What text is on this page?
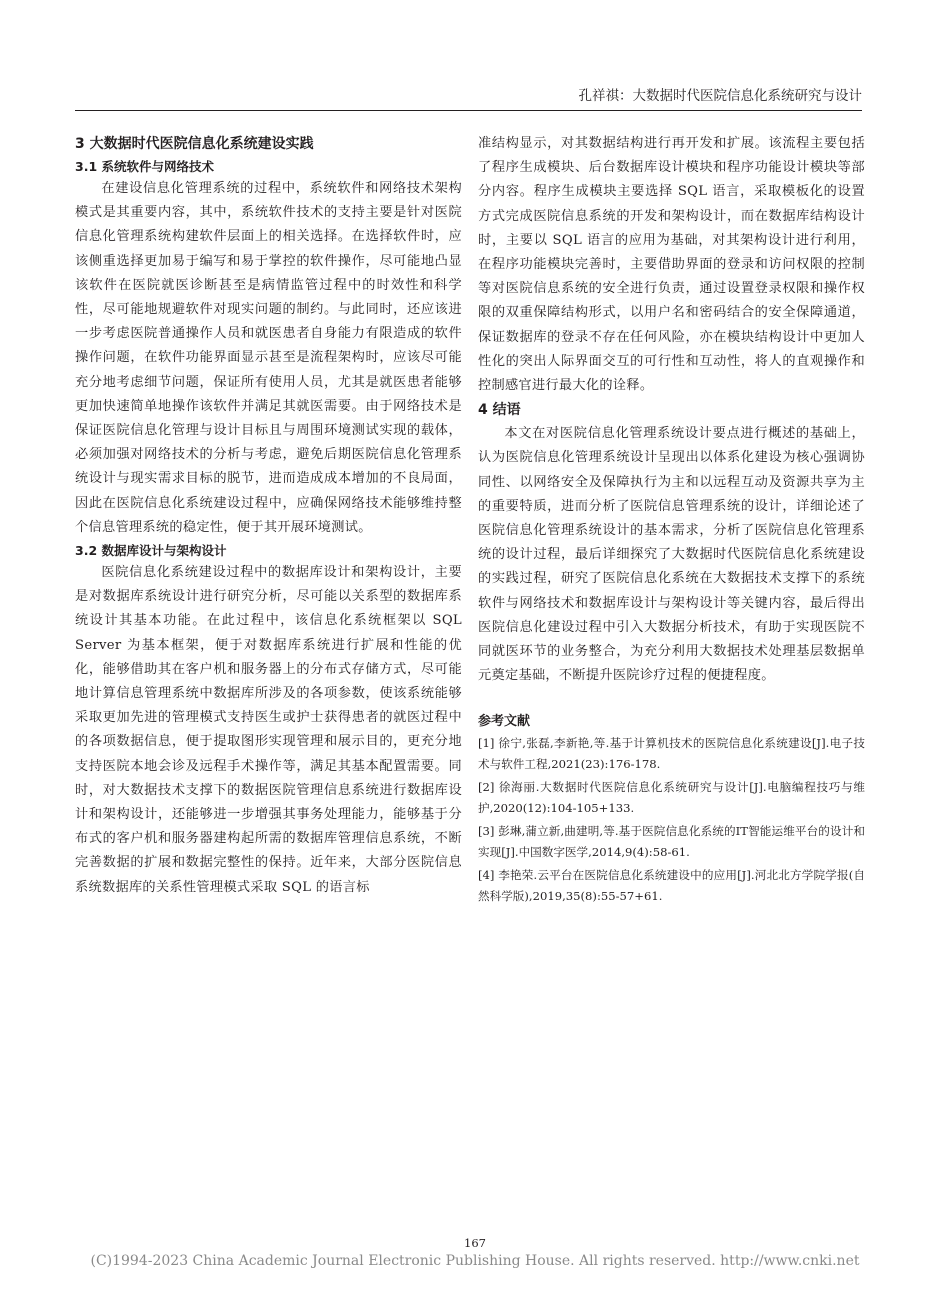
孔祥祺：大数据时代医院信息化系统研究与设计
3 大数据时代医院信息化系统建设实践
3.1 系统软件与网络技术

在建设信息化管理系统的过程中，系统软件和网络技术架构模式是其重要内容，其中，系统软件技术的支持主要是针对医院信息化管理系统构建软件层面上的相关选择。在选择软件时，应该侧重选择更加易于编写和易于掌控的软件操作，尽可能地凸显该软件在医院就医诊断甚至是病情监管过程中的时效性和科学性，尽可能地规避软件对现实问题的制约。与此同时，还应该进一步考虑医院普通操作人员和就医患者自身能力有限造成的软件操作问题，在软件功能界面显示甚至是流程架构时，应该尽可能充分地考虑细节问题，保证所有使用人员，尤其是就医患者能够更加快速简单地操作该软件并满足其就医需要。由于网络技术是保证医院信息化管理与设计目标且与周围环境测试实现的载体，必须加强对网络技术的分析与考虑，避免后期医院信息化管理系统设计与现实需求目标的脱节，进而造成成本增加的不良局面，因此在医院信息化系统建设过程中，应确保网络技术能够维持整个信息管理系统的稳定性，便于其开展环境测试。

3.2 数据库设计与架构设计

医院信息化系统建设过程中的数据库设计和架构设计，主要是对数据库系统设计进行研究分析，尽可能以关系型的数据库系统设计其基本功能。在此过程中，该信息化系统框架以 SQL Server 为基本框架，便于对数据库系统进行扩展和性能的优化，能够借助其在客户机和服务器上的分布式存储方式，尽可能地计算信息管理系统中数据库所涉及的各项参数，使该系统能够采取更加先进的管理模式支持医生或护士获得患者的就医过程中的各项数据信息，便于提取图形实现管理和展示目的，更充分地支持医院本地会诊及远程手术操作等，满足其基本配置需要。同时，对大数据技术支撑下的数据医院管理信息系统进行数据库设计和架构设计，还能够进一步增强其事务处理能力，能够基于分布式的客户机和服务器建构起所需的数据库管理信息系统，不断完善数据的扩展和数据完整性的保持。近年来，大部分医院信息系统数据库的关系性管理模式采取 SQL 的语言标

准结构显示，对其数据结构进行再开发和扩展。该流程主要包括了程序生成模块、后台数据库设计模块和程序功能设计模块等部分内容。程序生成模块主要选择 SQL 语言，采取模板化的设置方式完成医院信息系统的开发和架构设计，而在数据库结构设计时，主要以 SQL 语言的应用为基础，对其架构设计进行利用，在程序功能模块完善时，主要借助界面的登录和访问权限的控制等对医院信息系统的安全进行负责，通过设置登录权限和操作权限的双重保障结构形式，以用户名和密码结合的安全保障通道，保证数据库的登录不存在任何风险，亦在模块结构设计中更加人性化的突出人际界面交互的可行性和互动性，将人的直观操作和控制感官进行最大化的诠释。

4 结语

本文在对医院信息化管理系统设计要点进行概述的基础上，认为医院信息化管理系统设计呈现出以体系化建设为核心强调协同性、以网络安全及保障执行为主和以远程互动及资源共享为主的重要特质，进而分析了医院信息管理系统的设计，详细论述了医院信息化管理系统设计的基本需求，分析了医院信息化管理系统的设计过程，最后详细探究了大数据时代医院信息化系统建设的实践过程，研究了医院信息化系统在大数据技术支撑下的系统软件与网络技术和数据库设计与架构设计等关键内容，最后得出医院信息化建设过程中引入大数据分析技术，有助于实现医院不同就医环节的业务整合，为充分利用大数据技术处理基层数据单元奠定基础，不断提升医院诊疗过程的便捷程度。

参考文献

[1] 徐宁,张磊,李新艳,等.基于计算机技术的医院信息化系统建设[J].电子技术与软件工程,2021(23):176-178.

[2] 徐海丽.大数据时代医院信息化系统研究与设计[J].电脑编程技巧与维护,2020(12):104-105+133.

[3] 彭琳,蒲立新,曲建明,等.基于医院信息化系统的IT智能运维平台的设计和实现[J].中国数字医学,2014,9(4):58-61.

[4] 李艳荣.云平台在医院信息化系统建设中的应用[J].河北北方学院学报(自然科学版),2019,35(8):55-57+61.

167
(C)1994-2023 China Academic Journal Electronic Publishing House. All rights reserved. http://www.cnki.net
